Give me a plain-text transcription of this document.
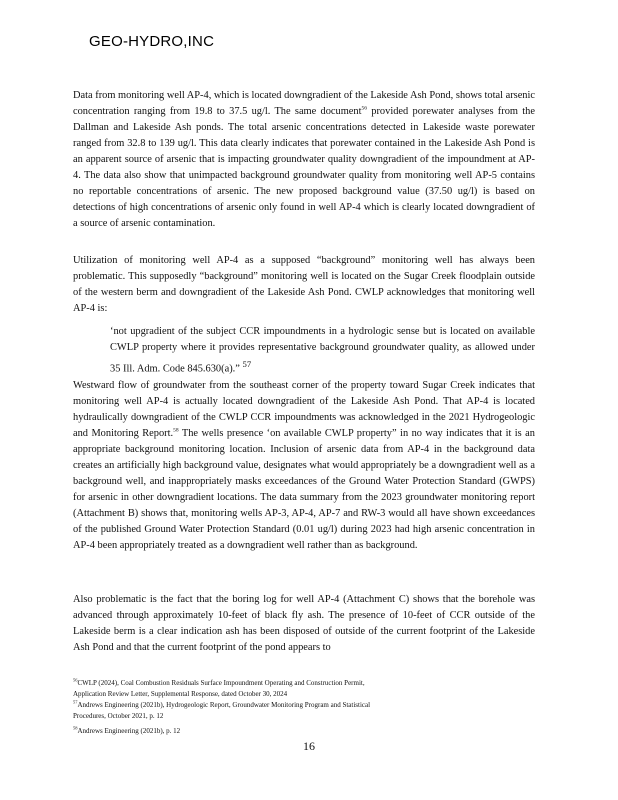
GEO-HYDRO,INC

Data from monitoring well AP-4, which is located downgradient of the Lakeside Ash Pond, shows total arsenic concentration ranging from 19.8 to 37.5 ug/l. The same document$^{56}$ provided porewater analyses from the Dallman and Lakeside Ash ponds. The total arsenic concentrations detected in Lakeside waste porewater ranged from 32.8 to 139 ug/l. This data clearly indicates that porewater contained in the Lakeside Ash Pond is an apparent source of arsenic that is impacting groundwater quality downgradient of the impoundment at AP-4. The data also show that unimpacted background groundwater quality from monitoring well AP-5 contains no reportable concentrations of arsenic. The new proposed background value (37.50 ug/l) is based on detections of high concentrations of arsenic only found in well AP-4 which is clearly located downgradient of a source of arsenic contamination.

Utilization of monitoring well AP-4 as a supposed “background” monitoring well has always been problematic. This supposedly “background” monitoring well is located on the Sugar Creek floodplain outside of the western berm and downgradient of the Lakeside Ash Pond. CWLP acknowledges that monitoring well AP-4 is:

‘not upgradient of the subject CCR impoundments in a hydrologic sense but is located on available CWLP property where it provides representative background groundwater quality, as allowed under 35 Ill. Adm. Code 845.630(a).” $^{57}$

Westward flow of groundwater from the southeast corner of the property toward Sugar Creek indicates that monitoring well AP-4 is actually located downgradient of the Lakeside Ash Pond. That AP-4 is located hydraulically downgradient of the CWLP CCR impoundments was acknowledged in the 2021 Hydrogeologic and Monitoring Report.$^{58}$ The wells presence ‘on available CWLP property” in no way indicates that it is an appropriate background monitoring location. Inclusion of arsenic data from AP-4 in the background data creates an artificially high background value, designates what would appropriately be a downgradient well as a background well, and inappropriately masks exceedances of the Ground Water Protection Standard (GWPS) for arsenic in other downgradient locations. The data summary from the 2023 groundwater monitoring report (Attachment B) shows that, monitoring wells AP-3, AP-4, AP-7 and RW-3 would all have shown exceedances of the published Ground Water Protection Standard (0.01 ug/l) during 2023 had high arsenic concentration in AP-4 been appropriately treated as a downgradient well rather than as background.

Also problematic is the fact that the boring log for well AP-4 (Attachment C) shows that the borehole was advanced through approximately 10-feet of black fly ash. The presence of 10-feet of CCR outside of the Lakeside berm is a clear indication ash has been disposed of outside of the current footprint of the Lakeside Ash Pond and that the current footprint of the pond appears to

$^{56}$CWLP (2024), Coal Combustion Residuals Surface Impoundment Operating and Construction Permit,
Application Review Letter, Supplemental Response, dated October 30, 2024

$^{57}$Andrews Engineering (2021b), Hydrogeologic Report, Groundwater Monitoring Program and Statistical
Procedures, October 2021, p. 12

$^{58}$Andrews Engineering (2021b), p. 12

16
